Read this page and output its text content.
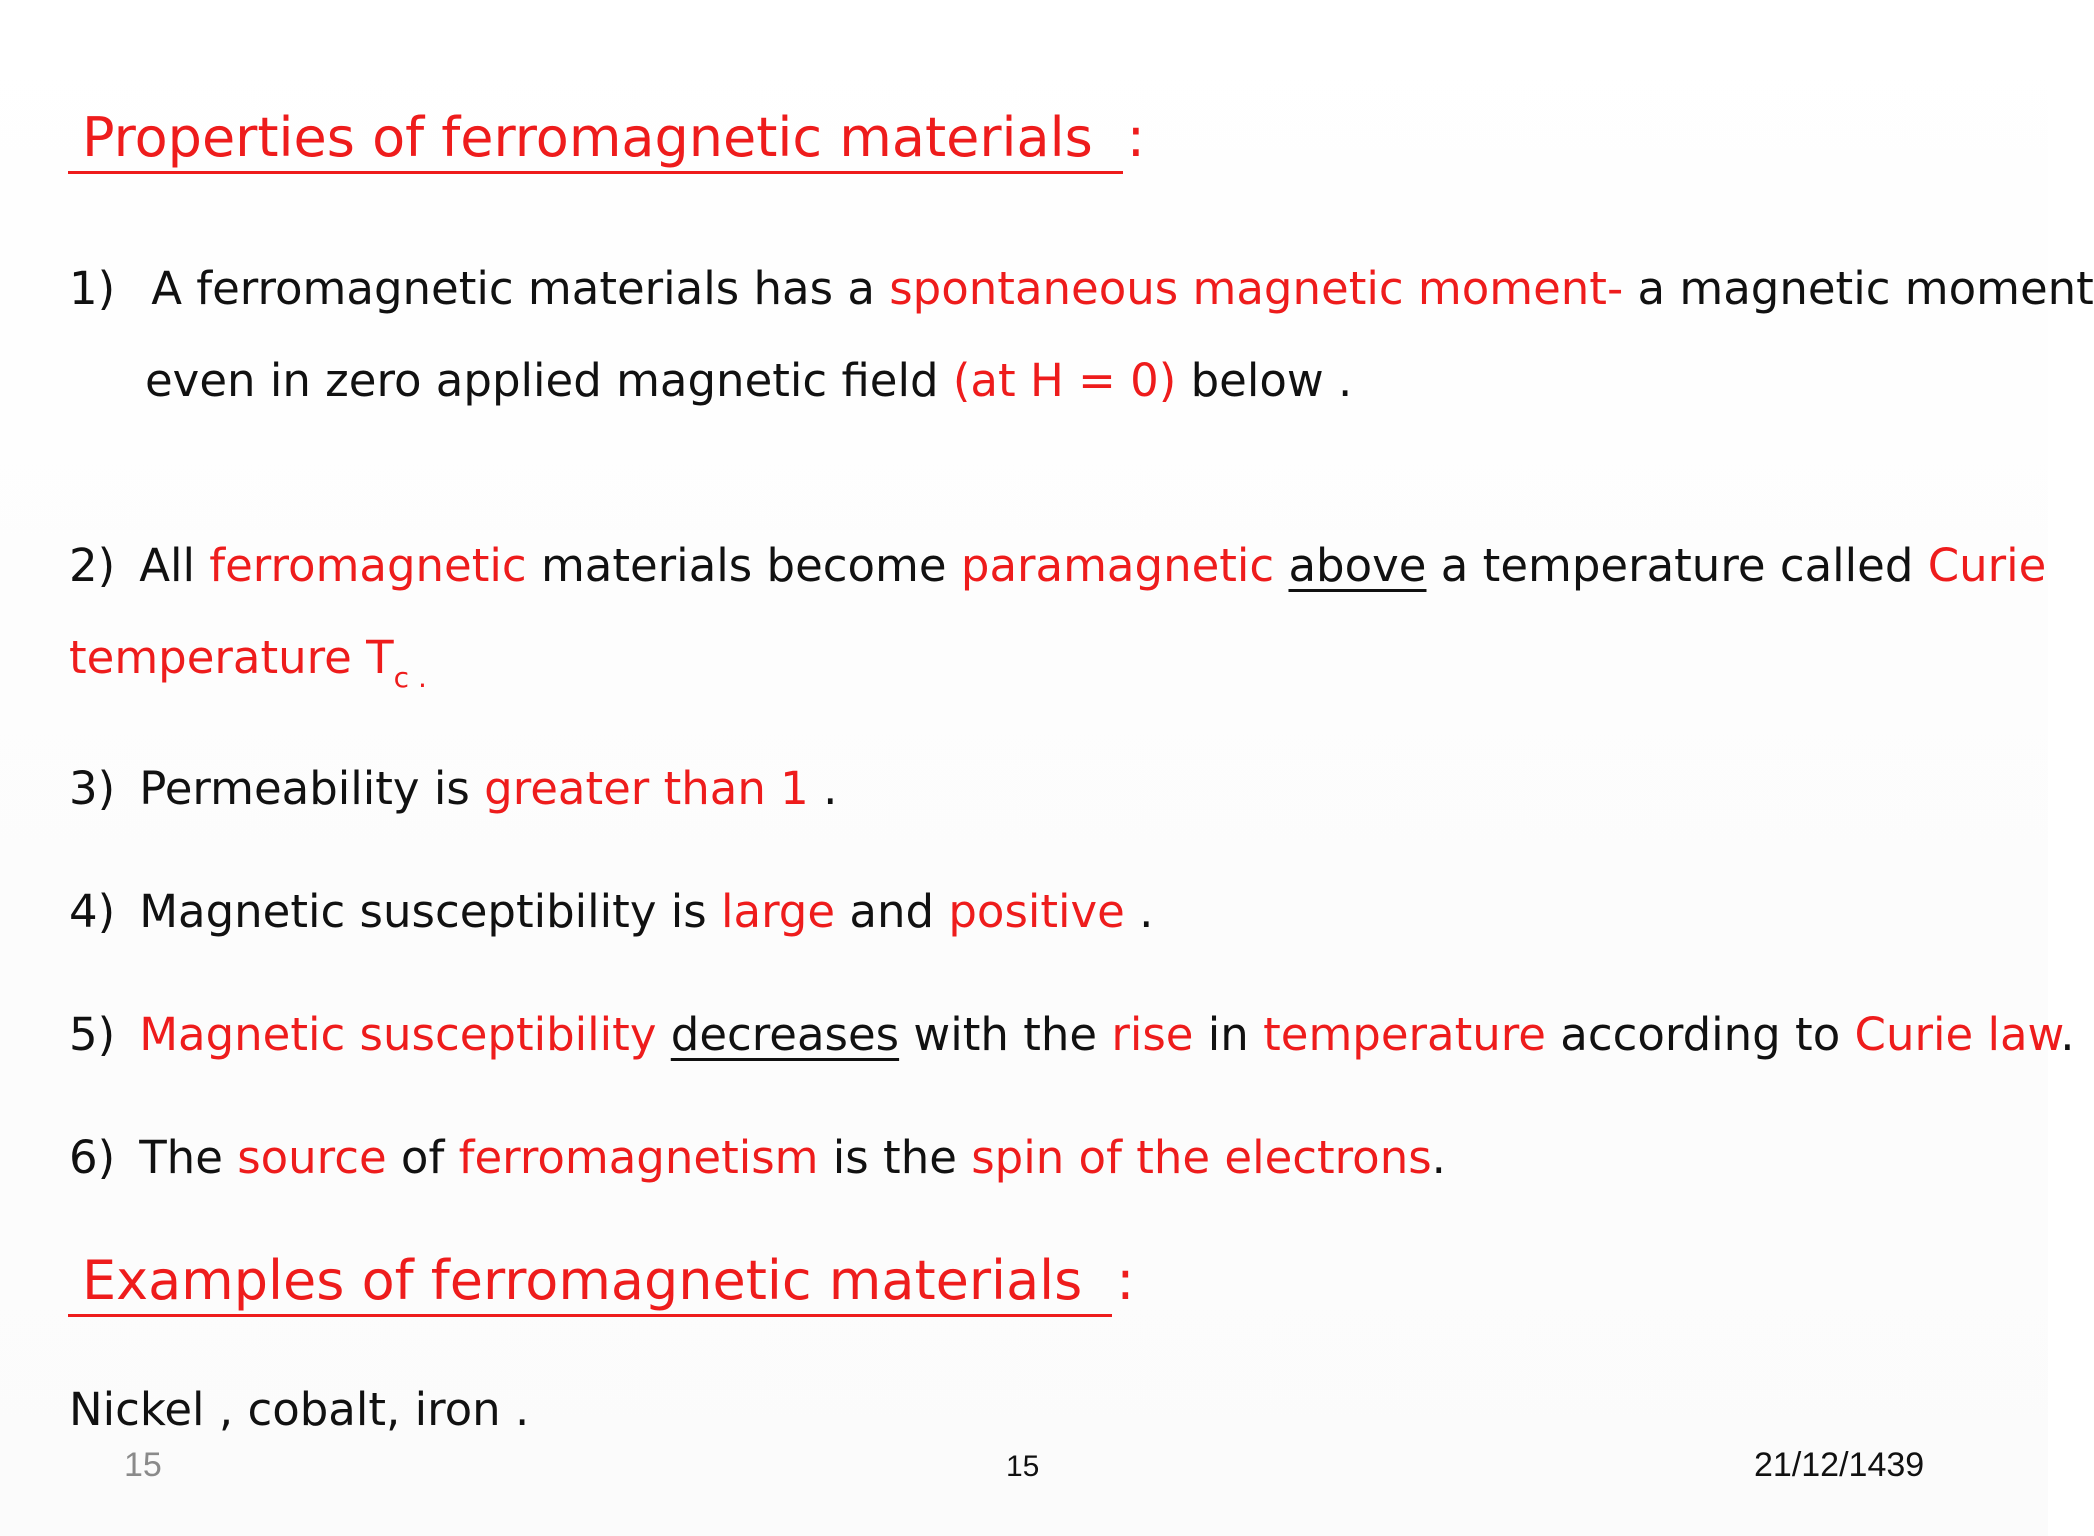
Properties of ferromagnetic materials :
1) A ferromagnetic materials has a spontaneous magnetic moment- a magnetic moment
even in zero applied magnetic field (at H = 0) below .
2) All ferromagnetic materials become paramagnetic above a temperature called Curie
temperature $T_{c .}$
3) Permeability is greater than 1 .
4) Magnetic susceptibility is large and positive .
5) Magnetic susceptibility decreases with the rise in temperature according to Curie law.
6) The source of ferromagnetism is the spin of the electrons.
Examples of ferromagnetic materials :
Nickel , cobalt, iron .
15	15	21/12/1439
